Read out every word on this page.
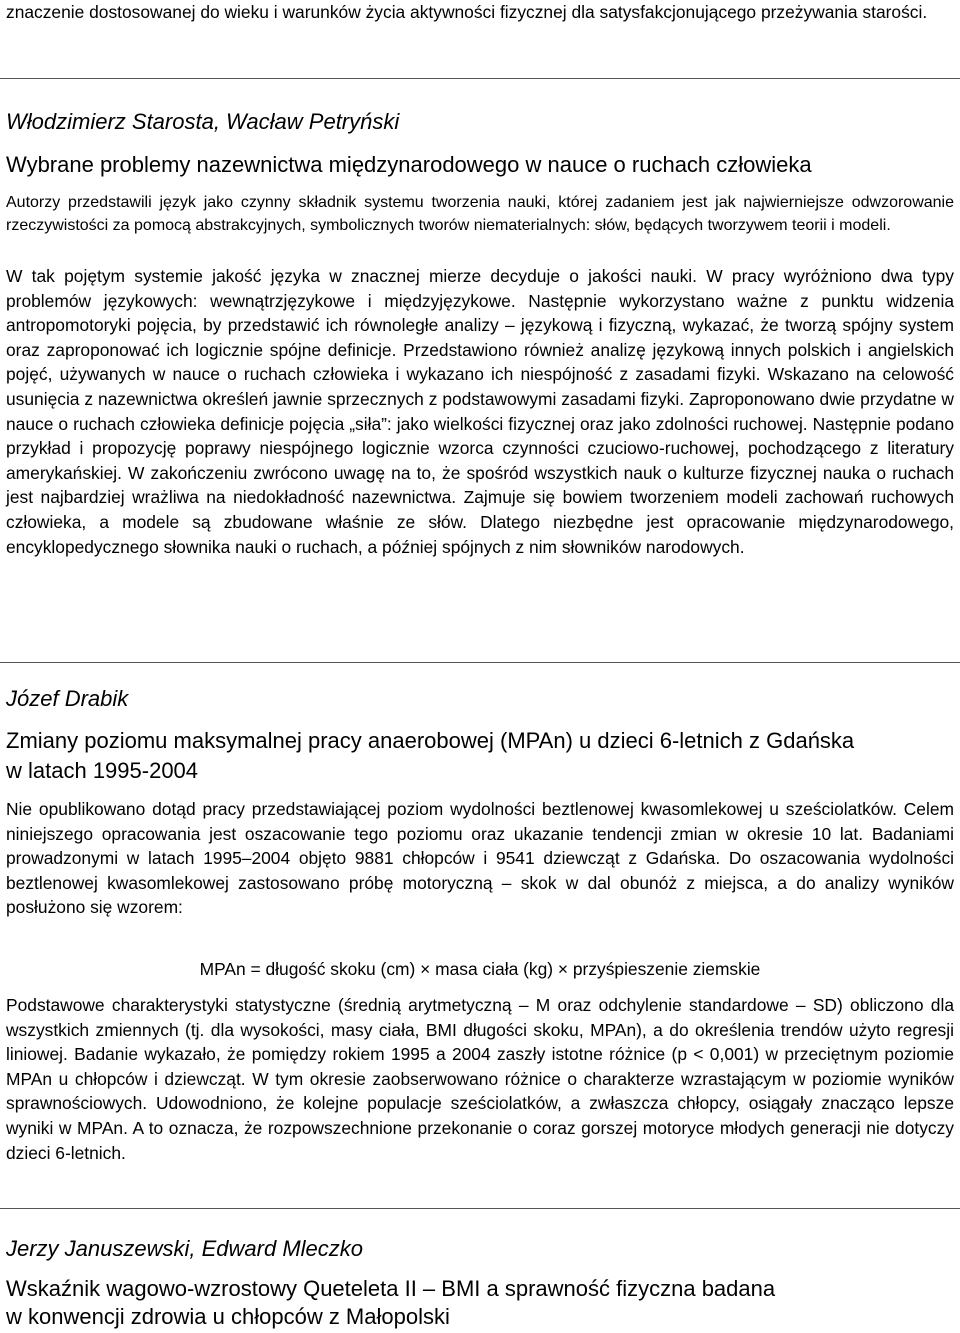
znaczenie dostosowanej do wieku i warunków życia aktywności fizycznej dla satysfakcjonującego przeżywania starości.

Włodzimierz Starosta, Wacław Petryński
Wybrane problemy nazewnictwa międzynarodowego w nauce o ruchach człowieka

Autorzy przedstawili język jako czynny składnik systemu tworzenia nauki, której zadaniem jest jak najwierniejsze odwzorowanie rzeczywistości za pomocą abstrakcyjnych, symbolicznych tworów niematerialnych: słów, będących tworzywem teorii i modeli.

W tak pojętym systemie jakość języka w znacznej mierze decyduje o jakości nauki. W pracy wyróżniono dwa typy problemów językowych: wewnątrzjęzykowe i międzyjęzykowe. Następnie wykorzystano ważne z punktu widzenia antropomotoryki pojęcia, by przedstawić ich równoległe analizy – językową i fizyczną, wykazać, że tworzą spójny system oraz zaproponować ich logicznie spójne definicje. Przedstawiono również analizę językową innych polskich i angielskich pojęć, używanych w nauce o ruchach człowieka i wykazano ich niespójność z zasadami fizyki. Wskazano na celowość usunięcia z nazewnictwa określeń jawnie sprzecznych z podstawowymi zasadami fizyki. Zaproponowano dwie przydatne w nauce o ruchach człowieka definicje pojęcia „siła”: jako wielkości fizycznej oraz jako zdolności ruchowej. Następnie podano przykład i propozycję poprawy niespójnego logicznie wzorca czynności czuciowo-ruchowej, pochodzącego z literatury amerykańskiej. W zakończeniu zwrócono uwagę na to, że spośród wszystkich nauk o kulturze fizycznej nauka o ruchach jest najbardziej wrażliwa na niedokładność nazewnictwa. Zajmuje się bowiem tworzeniem modeli zachowań ruchowych człowieka, a modele są zbudowane właśnie ze słów. Dlatego niezbędne jest opracowanie międzynarodowego, encyklopedycznego słownika nauki o ruchach, a później spójnych z nim słowników narodowych.

Józef Drabik
Zmiany poziomu maksymalnej pracy anaerobowej (MPAn) u dzieci 6-letnich z Gdańska
w latach 1995-2004

Nie opublikowano dotąd pracy przedstawiającej poziom wydolności beztlenowej kwasomlekowej u sześciolatków. Celem niniejszego opracowania jest oszacowanie tego poziomu oraz ukazanie tendencji zmian w okresie 10 lat. Badaniami prowadzonymi w latach 1995–2004 objęto 9881 chłopców i 9541 dziewcząt z Gdańska. Do oszacowania wydolności beztlenowej kwasomlekowej zastosowano próbę motoryczną – skok w dal obunóż z miejsca, a do analizy wyników posłużono się wzorem:

MPAn = długość skoku (cm) × masa ciała (kg) × przyśpieszenie ziemskie

Podstawowe charakterystyki statystyczne (średnią arytmetyczną – M oraz odchylenie standardowe – SD) obliczono dla wszystkich zmiennych (tj. dla wysokości, masy ciała, BMI długości skoku, MPAn), a do określenia trendów użyto regresji liniowej. Badanie wykazało, że pomiędzy rokiem 1995 a 2004 zaszły istotne różnice (p < 0,001) w przeciętnym poziomie MPAn u chłopców i dziewcząt. W tym okresie zaobserwowano różnice o charakterze wzrastającym w poziomie wyników sprawnościowych. Udowodniono, że kolejne populacje sześciolatków, a zwłaszcza chłopcy, osiągały znacząco lepsze wyniki w MPAn. A to oznacza, że rozpowszechnione przekonanie o coraz gorszej motoryce młodych generacji nie dotyczy dzieci 6-letnich.

Jerzy Januszewski, Edward Mleczko
Wskaźnik wagowo-wzrostowy Queteleta II – BMI a sprawność fizyczna badana
w konwencji zdrowia u chłopców z Małopolski
